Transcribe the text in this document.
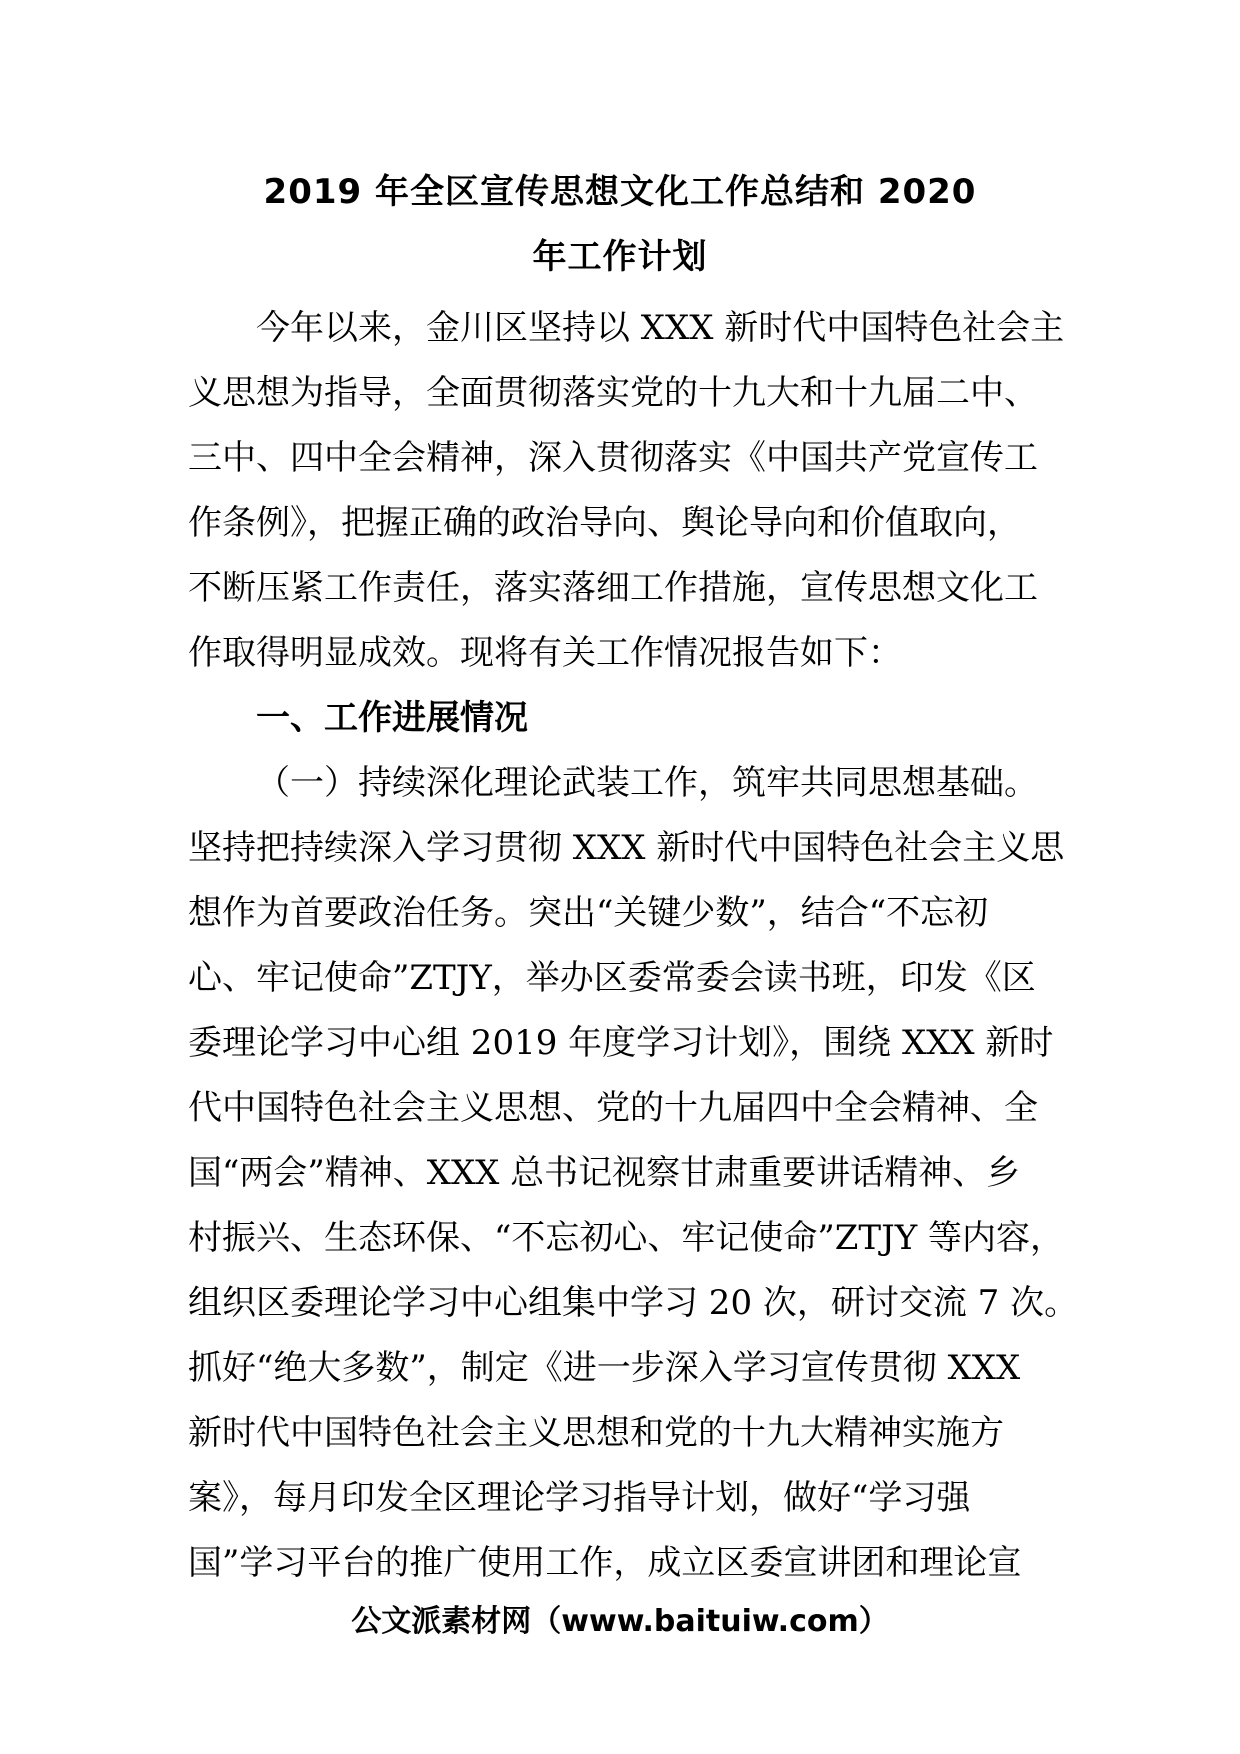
2019 年全区宣传思想文化工作总结和 2020
年工作计划
今年以来，金川区坚持以 XXX 新时代中国特色社会主
义思想为指导，全面贯彻落实党的十九大和十九届二中、
三中、四中全会精神，深入贯彻落实《中国共产党宣传工
作条例》，把握正确的政治导向、舆论导向和价值取向，
不断压紧工作责任，落实落细工作措施，宣传思想文化工
作取得明显成效。现将有关工作情况报告如下：
一、工作进展情况
（一）持续深化理论武装工作，筑牢共同思想基础。
坚持把持续深入学习贯彻 XXX 新时代中国特色社会主义思
想作为首要政治任务。突出“关键少数”，结合“不忘初
心、牢记使命”ZTJY，举办区委常委会读书班，印发《区
委理论学习中心组 2019 年度学习计划》，围绕 XXX 新时
代中国特色社会主义思想、党的十九届四中全会精神、全
国“两会”精神、XXX 总书记视察甘肃重要讲话精神、乡
村振兴、生态环保、“不忘初心、牢记使命”ZTJY 等内容，
组织区委理论学习中心组集中学习 20 次，研讨交流 7 次。
抓好“绝大多数”，制定《进一步深入学习宣传贯彻 XXX
新时代中国特色社会主义思想和党的十九大精神实施方
案》，每月印发全区理论学习指导计划，做好“学习强
国”学习平台的推广使用工作，成立区委宣讲团和理论宣
公文派素材网（www.baituiw.com）
